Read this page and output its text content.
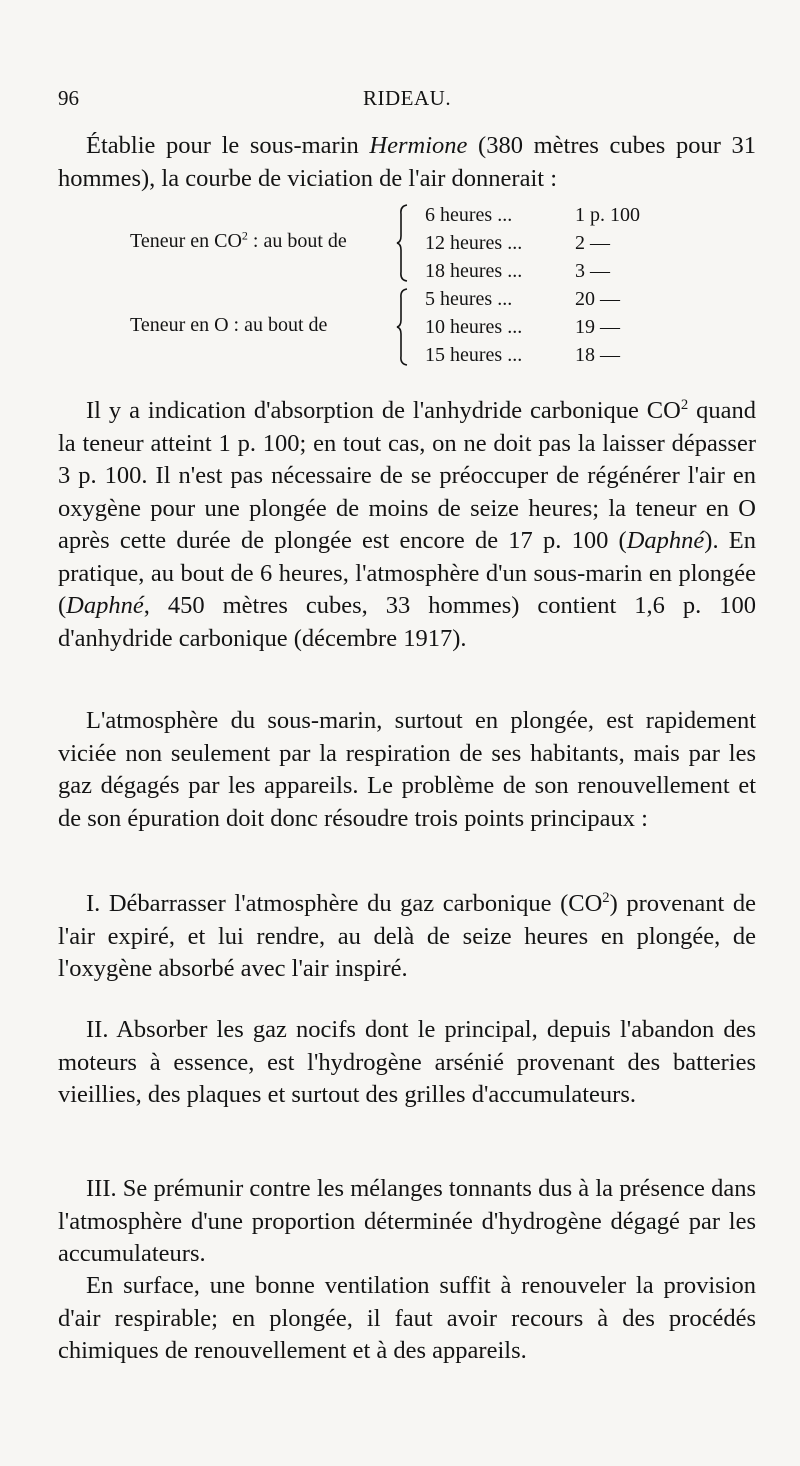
96	RIDEAU.

Établie pour le sous-marin Hermione (380 mètres cubes pour 31 hommes), la courbe de viciation de l'air donnerait :

Teneur en $CO^2$ : au bout de
6 heures ...	1 p. 100
12 heures ...	2 —
18 heures ...	3 —
Teneur en O : au bout de
5 heures ...	20 —
10 heures ...	19 —
15 heures ...	18 —

Il y a indication d'absorption de l'anhydride carbonique $CO^2$ quand la teneur atteint 1 p. 100; en tout cas, on ne doit pas la laisser dépasser 3 p. 100. Il n'est pas nécessaire de se préoccuper de régénérer l'air en oxygène pour une plongée de moins de seize heures; la teneur en O après cette durée de plongée est encore de 17 p. 100 (Daphné). En pratique, au bout de 6 heures, l'atmosphère d'un sous-marin en plongée (Daphné, 450 mètres cubes, 33 hommes) contient 1,6 p. 100 d'anhydride carbonique (décembre 1917).

L'atmosphère du sous-marin, surtout en plongée, est rapidement viciée non seulement par la respiration de ses habitants, mais par les gaz dégagés par les appareils. Le problème de son renouvellement et de son épuration doit donc résoudre trois points principaux :

I. Débarrasser l'atmosphère du gaz carbonique $(CO^2)$ provenant de l'air expiré, et lui rendre, au delà de seize heures en plongée, de l'oxygène absorbé avec l'air inspiré.

II. Absorber les gaz nocifs dont le principal, depuis l'abandon des moteurs à essence, est l'hydrogène arsénié provenant des batteries vieillies, des plaques et surtout des grilles d'accumulateurs.

III. Se prémunir contre les mélanges tonnants dus à la présence dans l'atmosphère d'une proportion déterminée d'hydrogène dégagé par les accumulateurs.

En surface, une bonne ventilation suffit à renouveler la provision d'air respirable; en plongée, il faut avoir recours à des procédés chimiques de renouvellement et à des appareils.
